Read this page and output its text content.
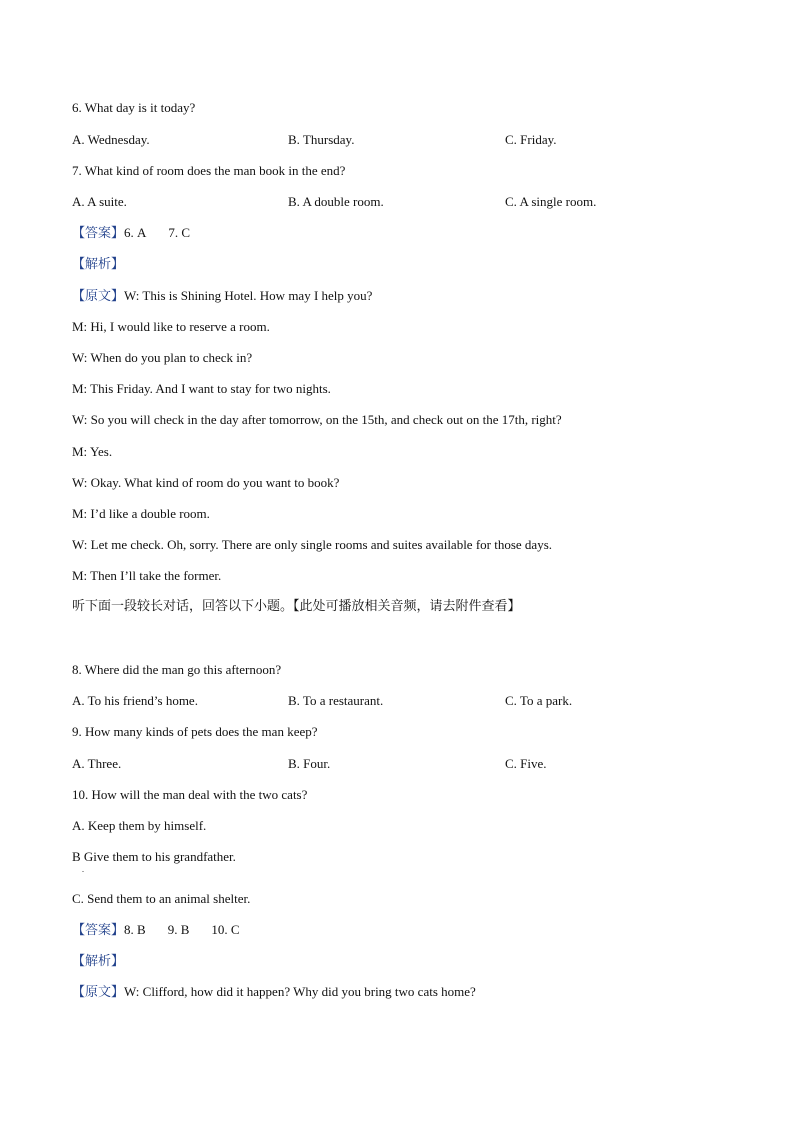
6. What day is it today?
A. Wednesday.	B. Thursday.	C. Friday.
7. What kind of room does the man book in the end?
A. A suite.	B. A double room.	C. A single room.
【答案】6. A 7. C
【解析】
【原文】W: This is Shining Hotel. How may I help you?
M: Hi, I would like to reserve a room.
W: When do you plan to check in?
M: This Friday. And I want to stay for two nights.
W: So you will check in the day after tomorrow, on the 15th, and check out on the 17th, right?
M: Yes.
W: Okay. What kind of room do you want to book?
M: I’d like a double room.
W: Let me check. Oh, sorry. There are only single rooms and suites available for those days.
M: Then I’ll take the former.
听下面一段较长对话，回答以下小题。【此处可播放相关音频，请去附件查看】
8. Where did the man go this afternoon?
A. To his friend’s home.	B. To a restaurant.	C. To a park.
9. How many kinds of pets does the man keep?
A. Three.	B. Four.	C. Five.
10. How will the man deal with the two cats?
A. Keep them by himself.
B Give them to his grandfather.
.
C. Send them to an animal shelter.
【答案】8. B 9. B 10. C
【解析】
【原文】W: Clifford, how did it happen? Why did you bring two cats home?
